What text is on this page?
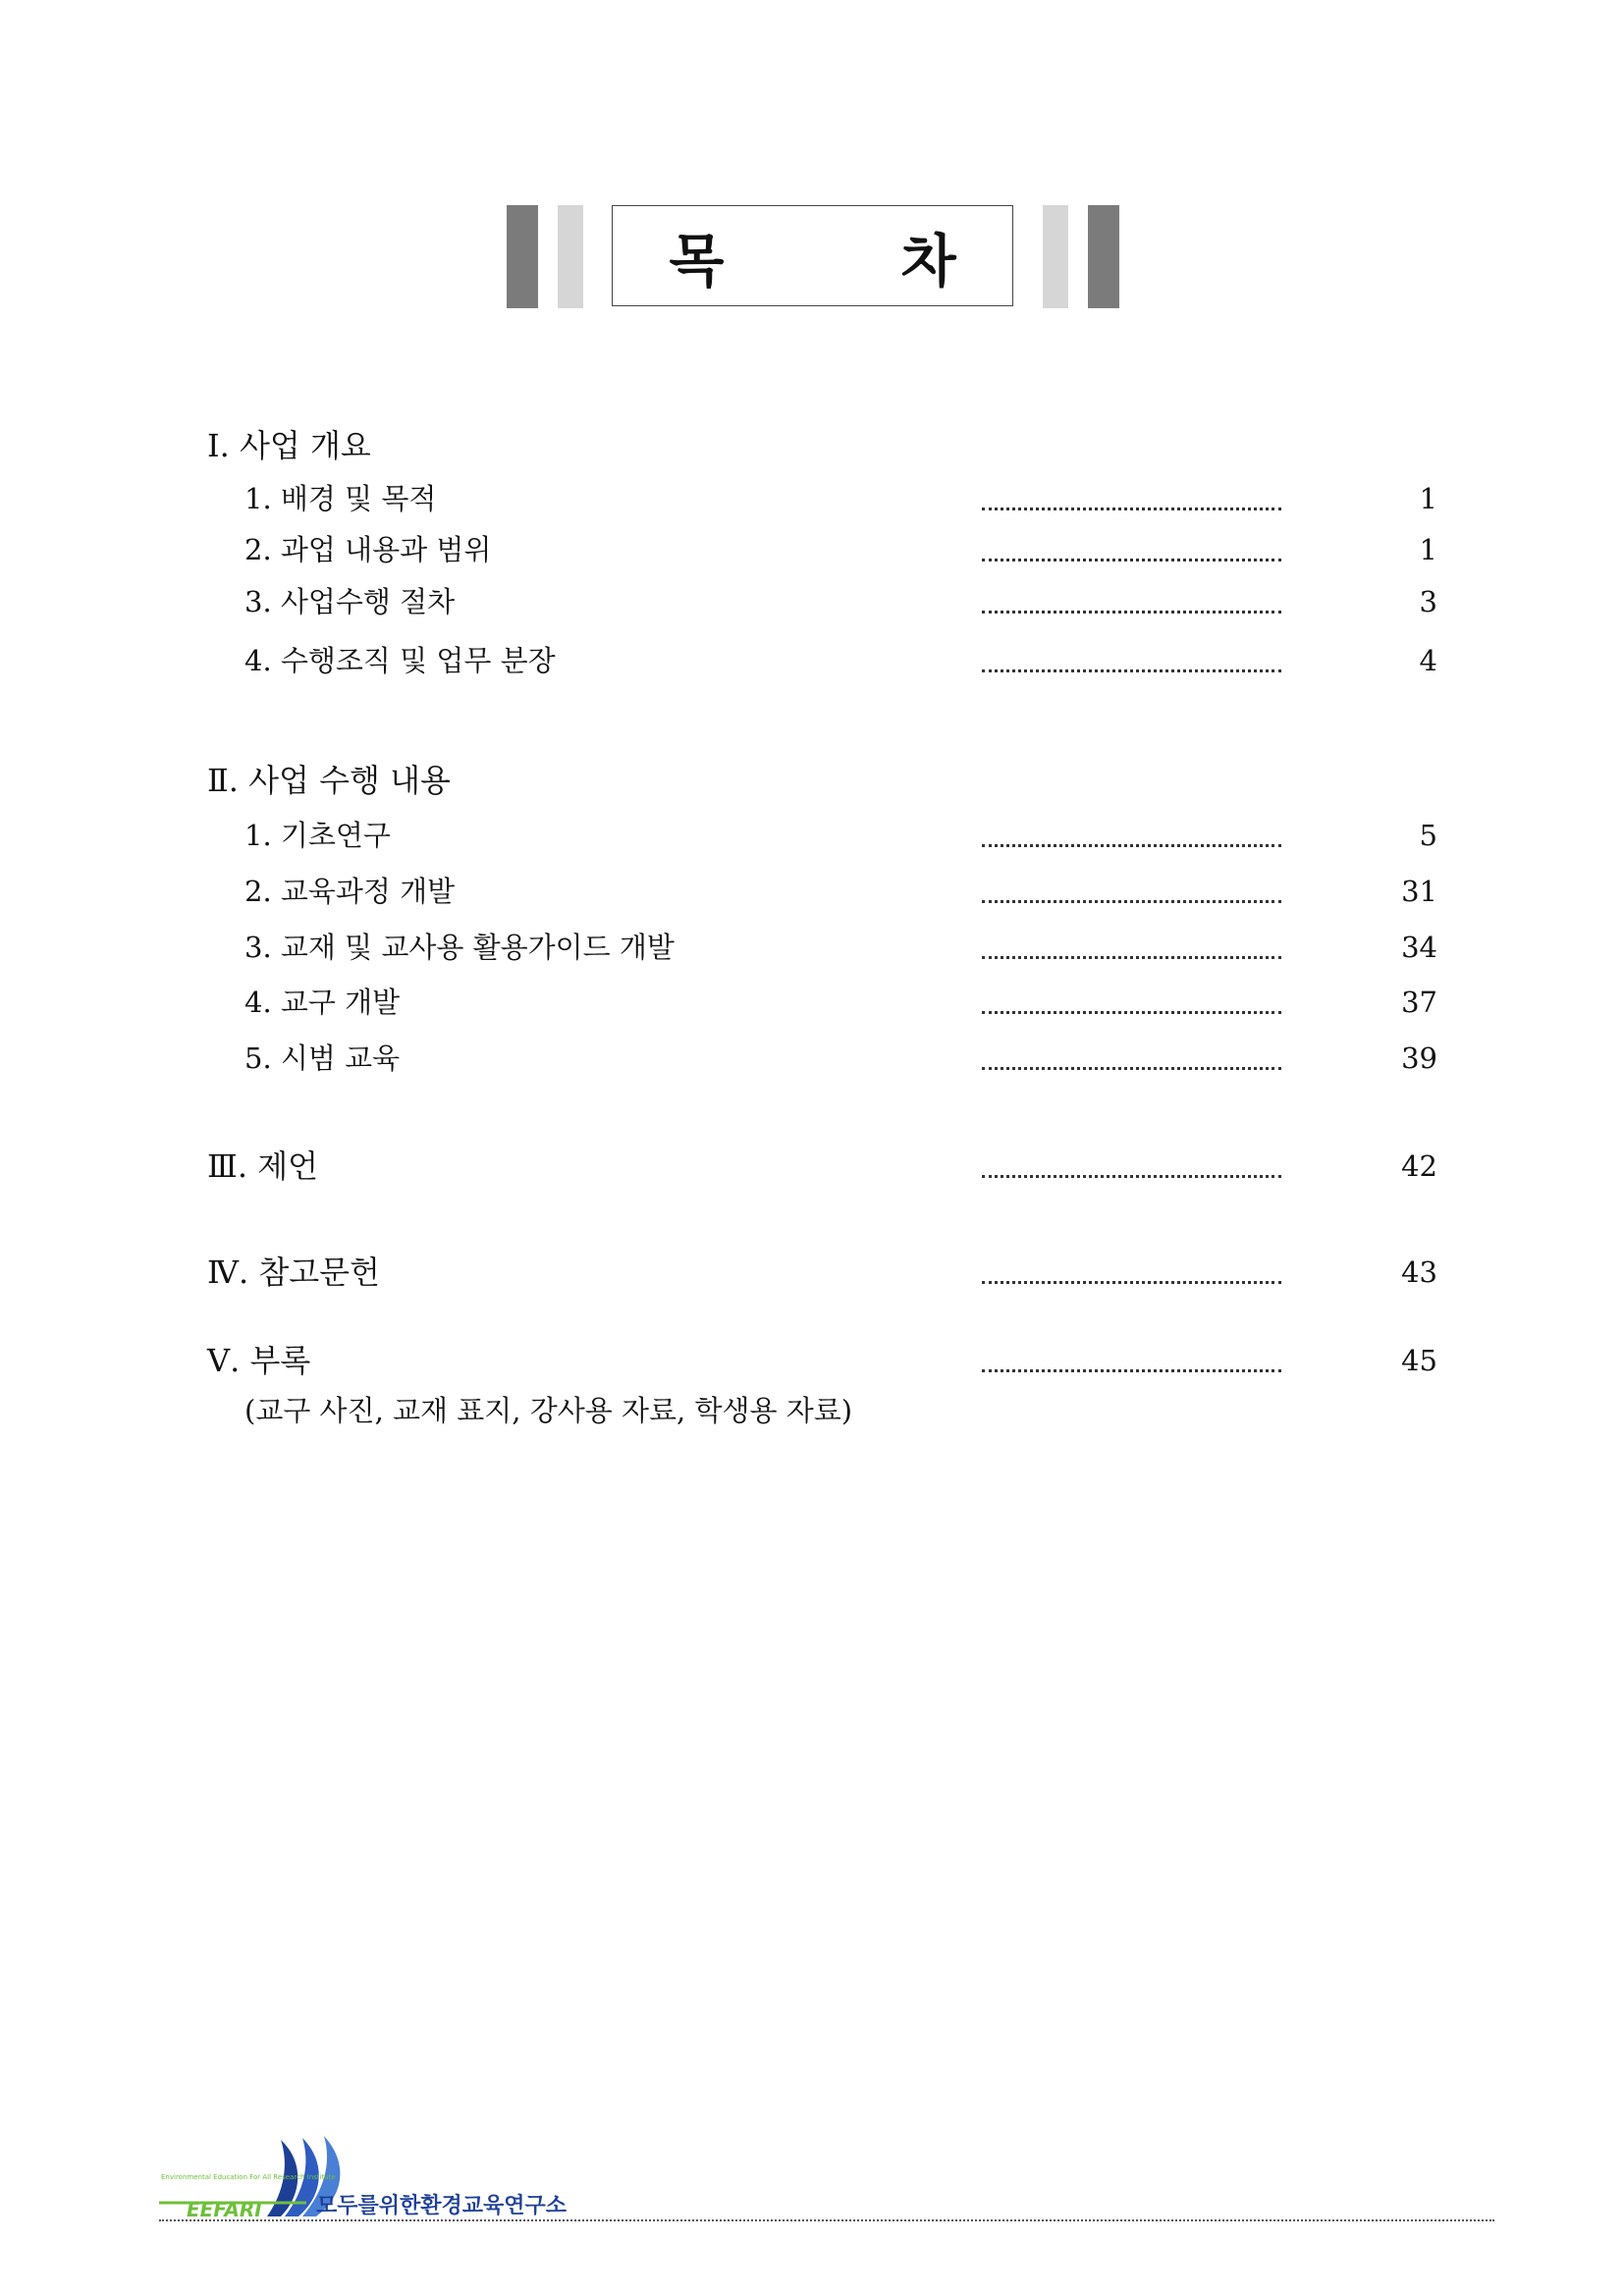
목 차
Ⅰ. 사업 개요
1. 배경 및 목적	1
2. 과업 내용과 범위	1
3. 사업수행 절차	3
4. 수행조직 및 업무 분장	4
Ⅱ. 사업 수행 내용
1. 기초연구	5
2. 교육과정 개발	31
3. 교재 및 교사용 활용가이드 개발	34
4. 교구 개발	37
5. 시범 교육	39
Ⅲ. 제언	42
Ⅳ. 참고문헌	43
Ⅴ. 부록	45
(교구 사진, 교재 표지, 강사용 자료, 학생용 자료)
Environmental Education For All Research Institute
EEFARI	모두를위한환경교육연구소
